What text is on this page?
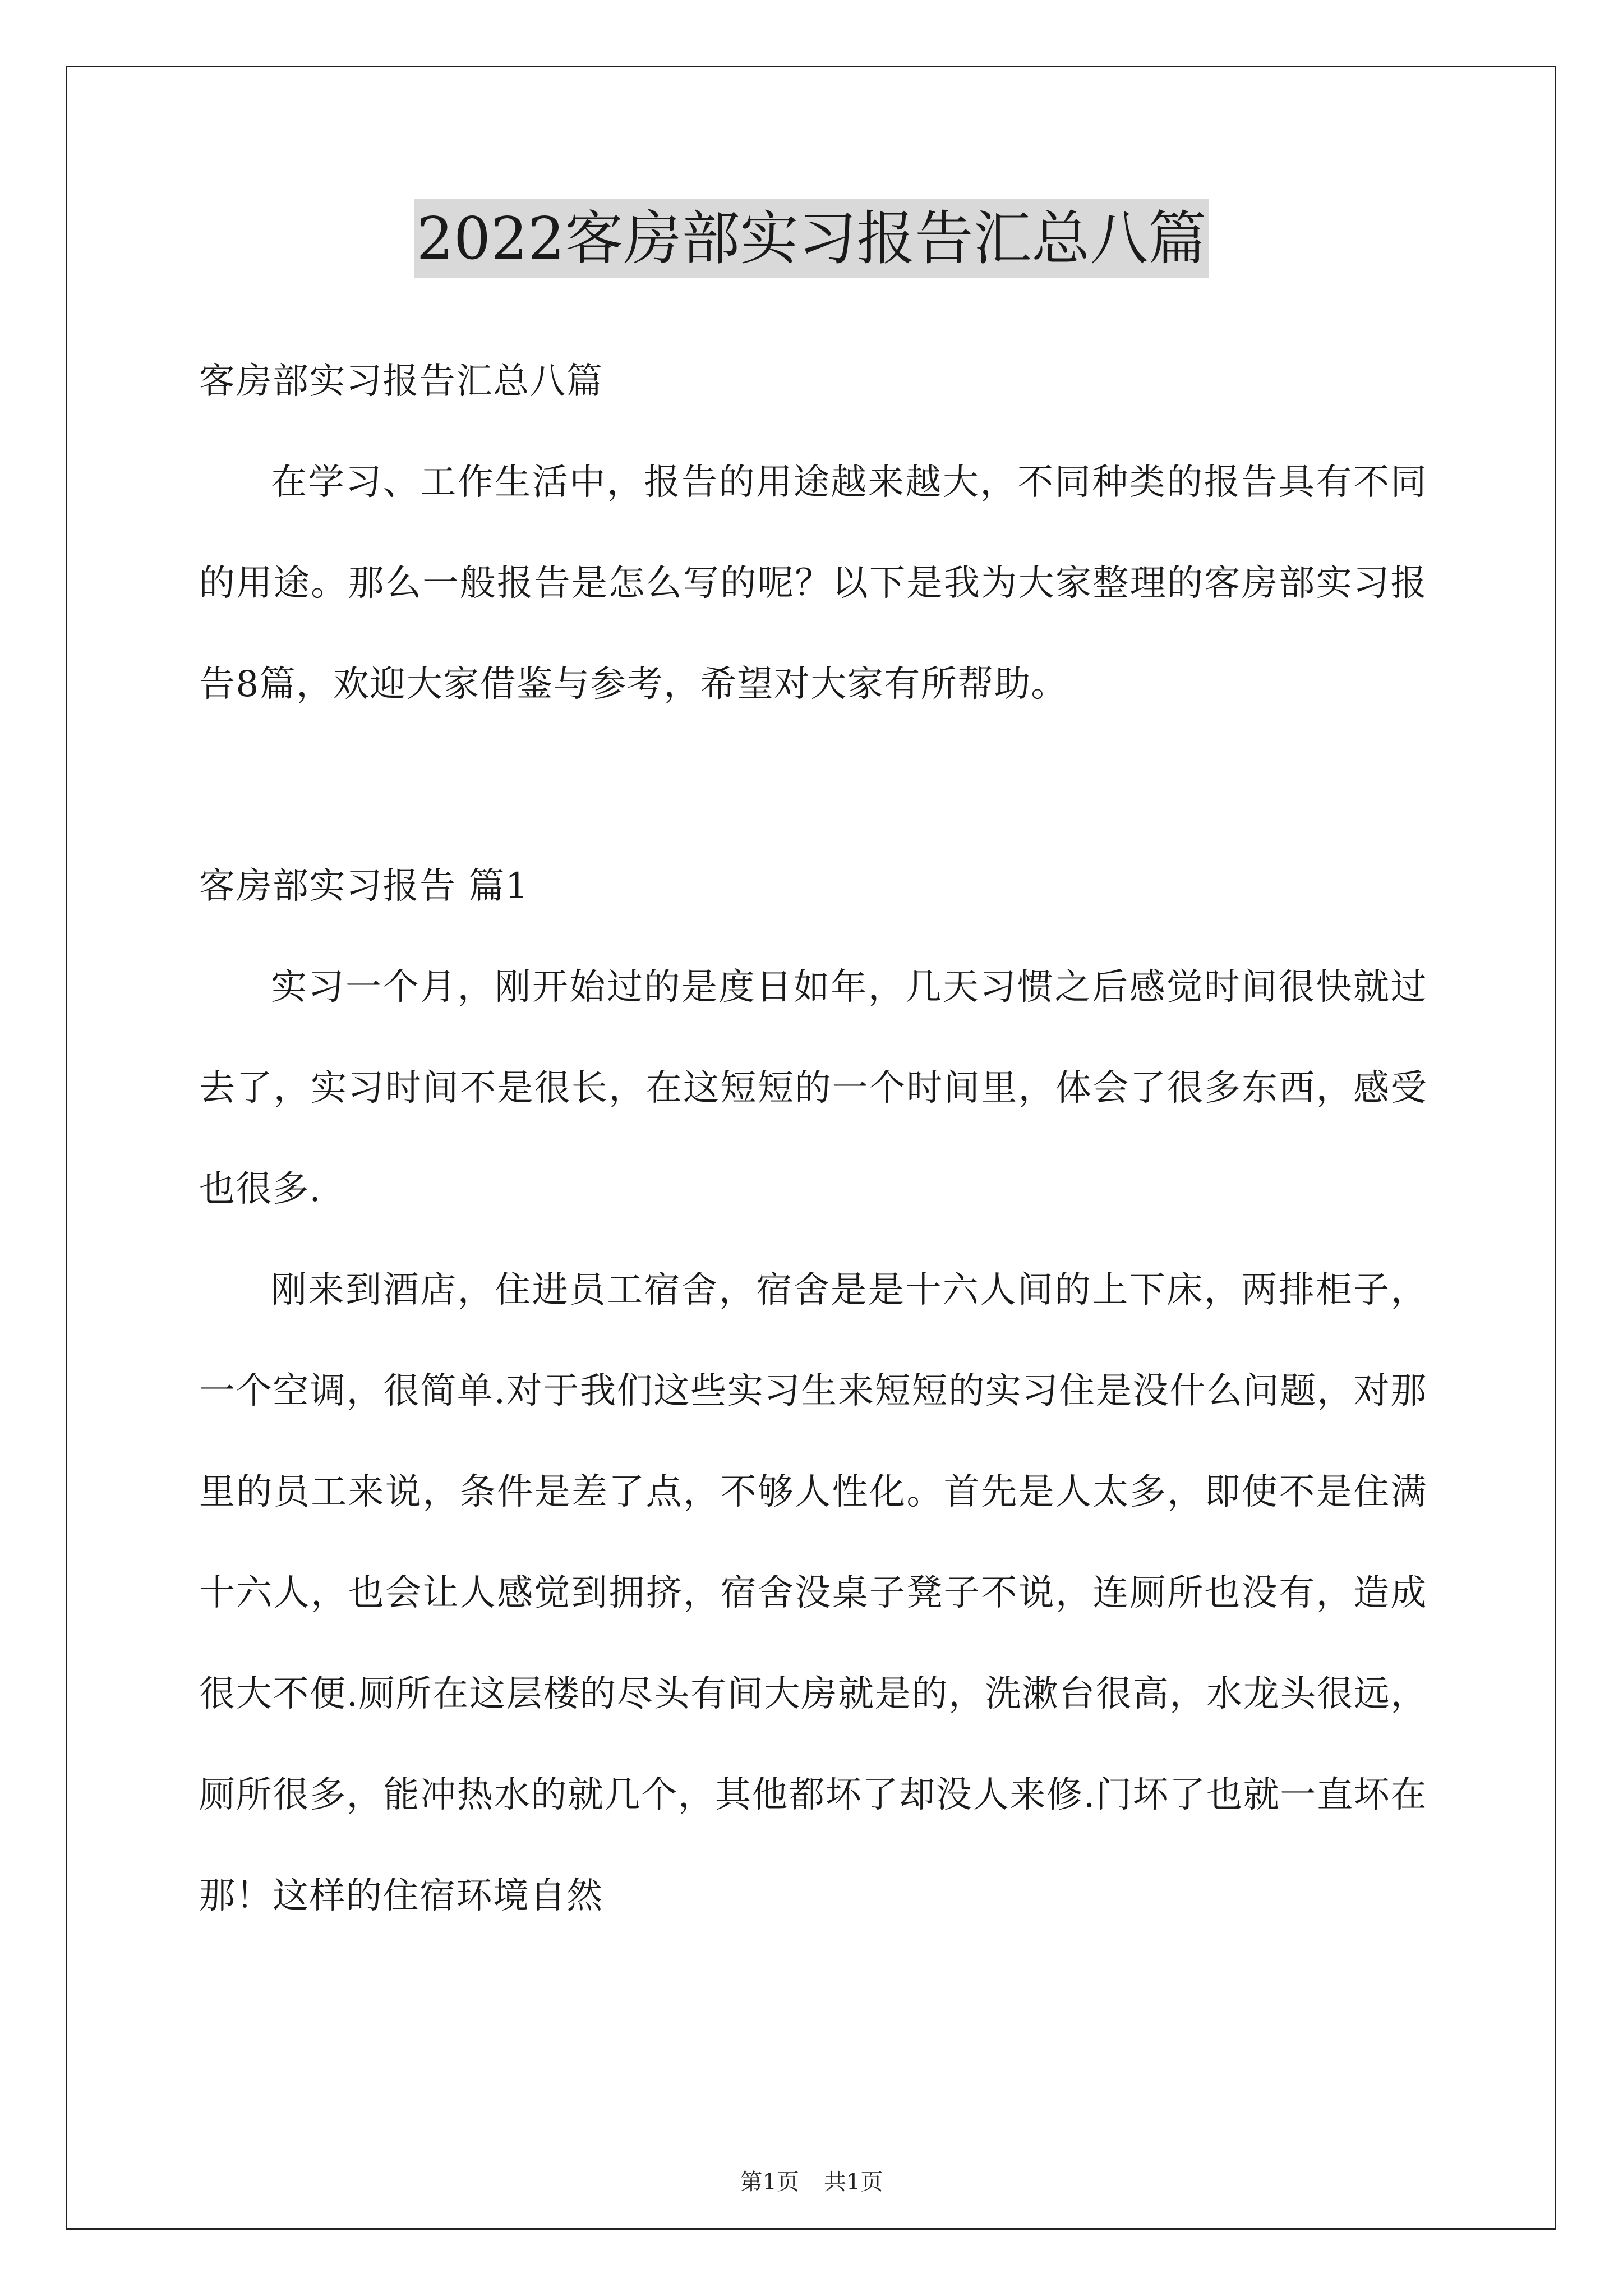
2022客房部实习报告汇总八篇

客房部实习报告汇总八篇

在学习、工作生活中，报告的用途越来越大，不同种类的报告具有不同的用途。那么一般报告是怎么写的呢？以下是我为大家整理的客房部实习报告8篇，欢迎大家借鉴与参考，希望对大家有所帮助。

客房部实习报告 篇1

实习一个月，刚开始过的是度日如年，几天习惯之后感觉时间很快就过去了，实习时间不是很长，在这短短的一个时间里，体会了很多东西，感受也很多.

刚来到酒店，住进员工宿舍，宿舍是是十六人间的上下床，两排柜子，一个空调，很简单.对于我们这些实习生来短短的实习住是没什么问题，对那里的员工来说，条件是差了点，不够人性化。首先是人太多，即使不是住满十六人，也会让人感觉到拥挤，宿舍没桌子凳子不说，连厕所也没有，造成很大不便.厕所在这层楼的尽头有间大房就是的，洗漱台很高，水龙头很远，厕所很多，能冲热水的就几个，其他都坏了却没人来修.门坏了也就一直坏在那！这样的住宿环境自然

第1页 共1页
